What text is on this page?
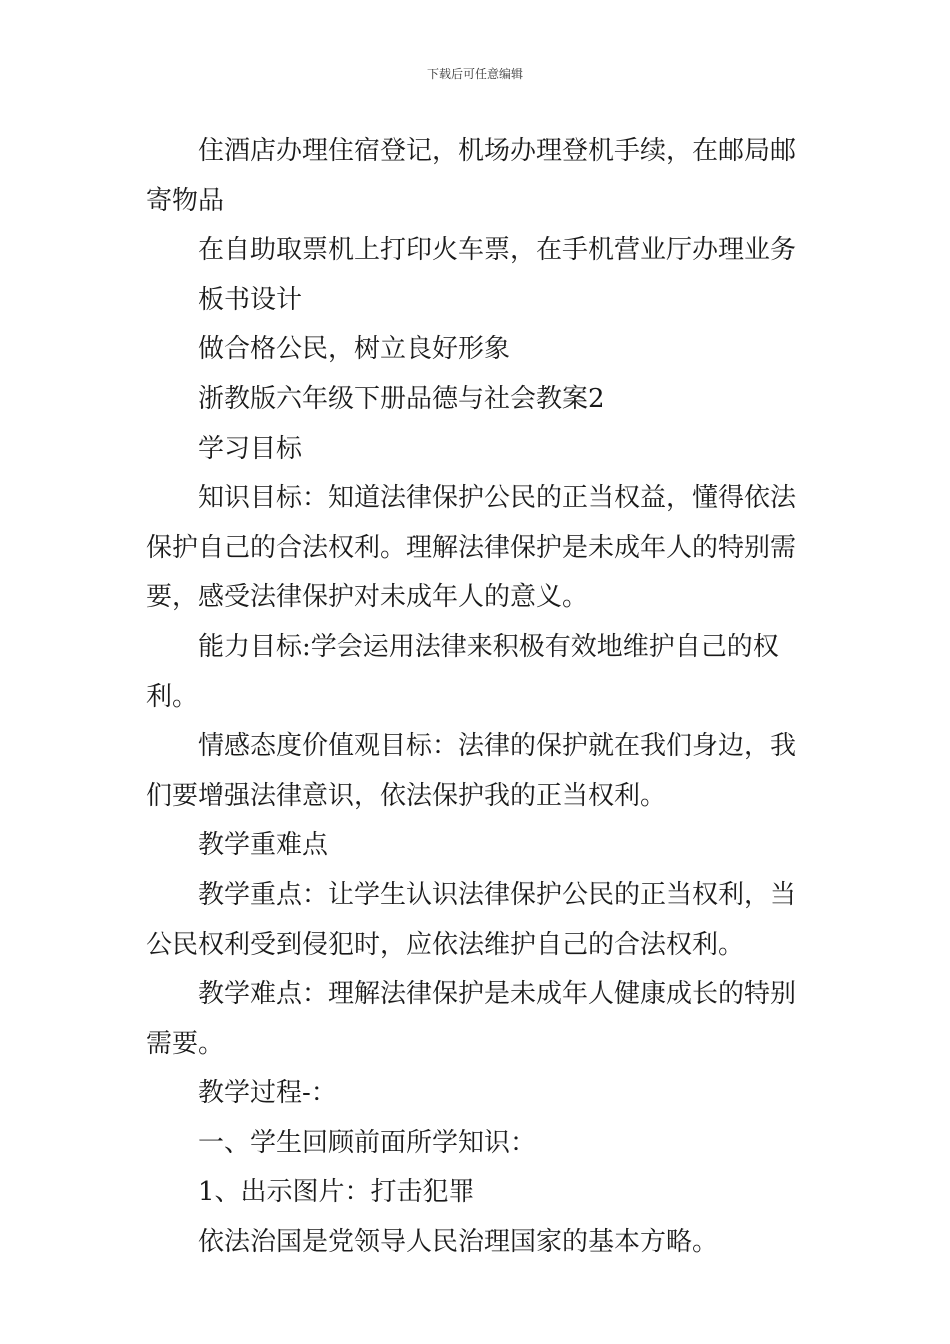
下载后可任意编辑

住酒店办理住宿登记，机场办理登机手续，在邮局邮寄物品

在自助取票机上打印火车票，在手机营业厅办理业务

板书设计

做合格公民，树立良好形象

浙教版六年级下册品德与社会教案2

学习目标

知识目标：知道法律保护公民的正当权益，懂得依法保护自己的合法权利。理解法律保护是未成年人的特别需要，感受法律保护对未成年人的意义。

能力目标:学会运用法律来积极有效地维护自己的权利。

情感态度价值观目标：法律的保护就在我们身边，我们要增强法律意识，依法保护我的正当权利。

教学重难点

教学重点：让学生认识法律保护公民的正当权利，当公民权利受到侵犯时，应依法维护自己的合法权利。

教学难点：理解法律保护是未成年人健康成长的特别需要。

教学过程-：

一、学生回顾前面所学知识：

1、出示图片：打击犯罪

依法治国是党领导人民治理国家的基本方略。
